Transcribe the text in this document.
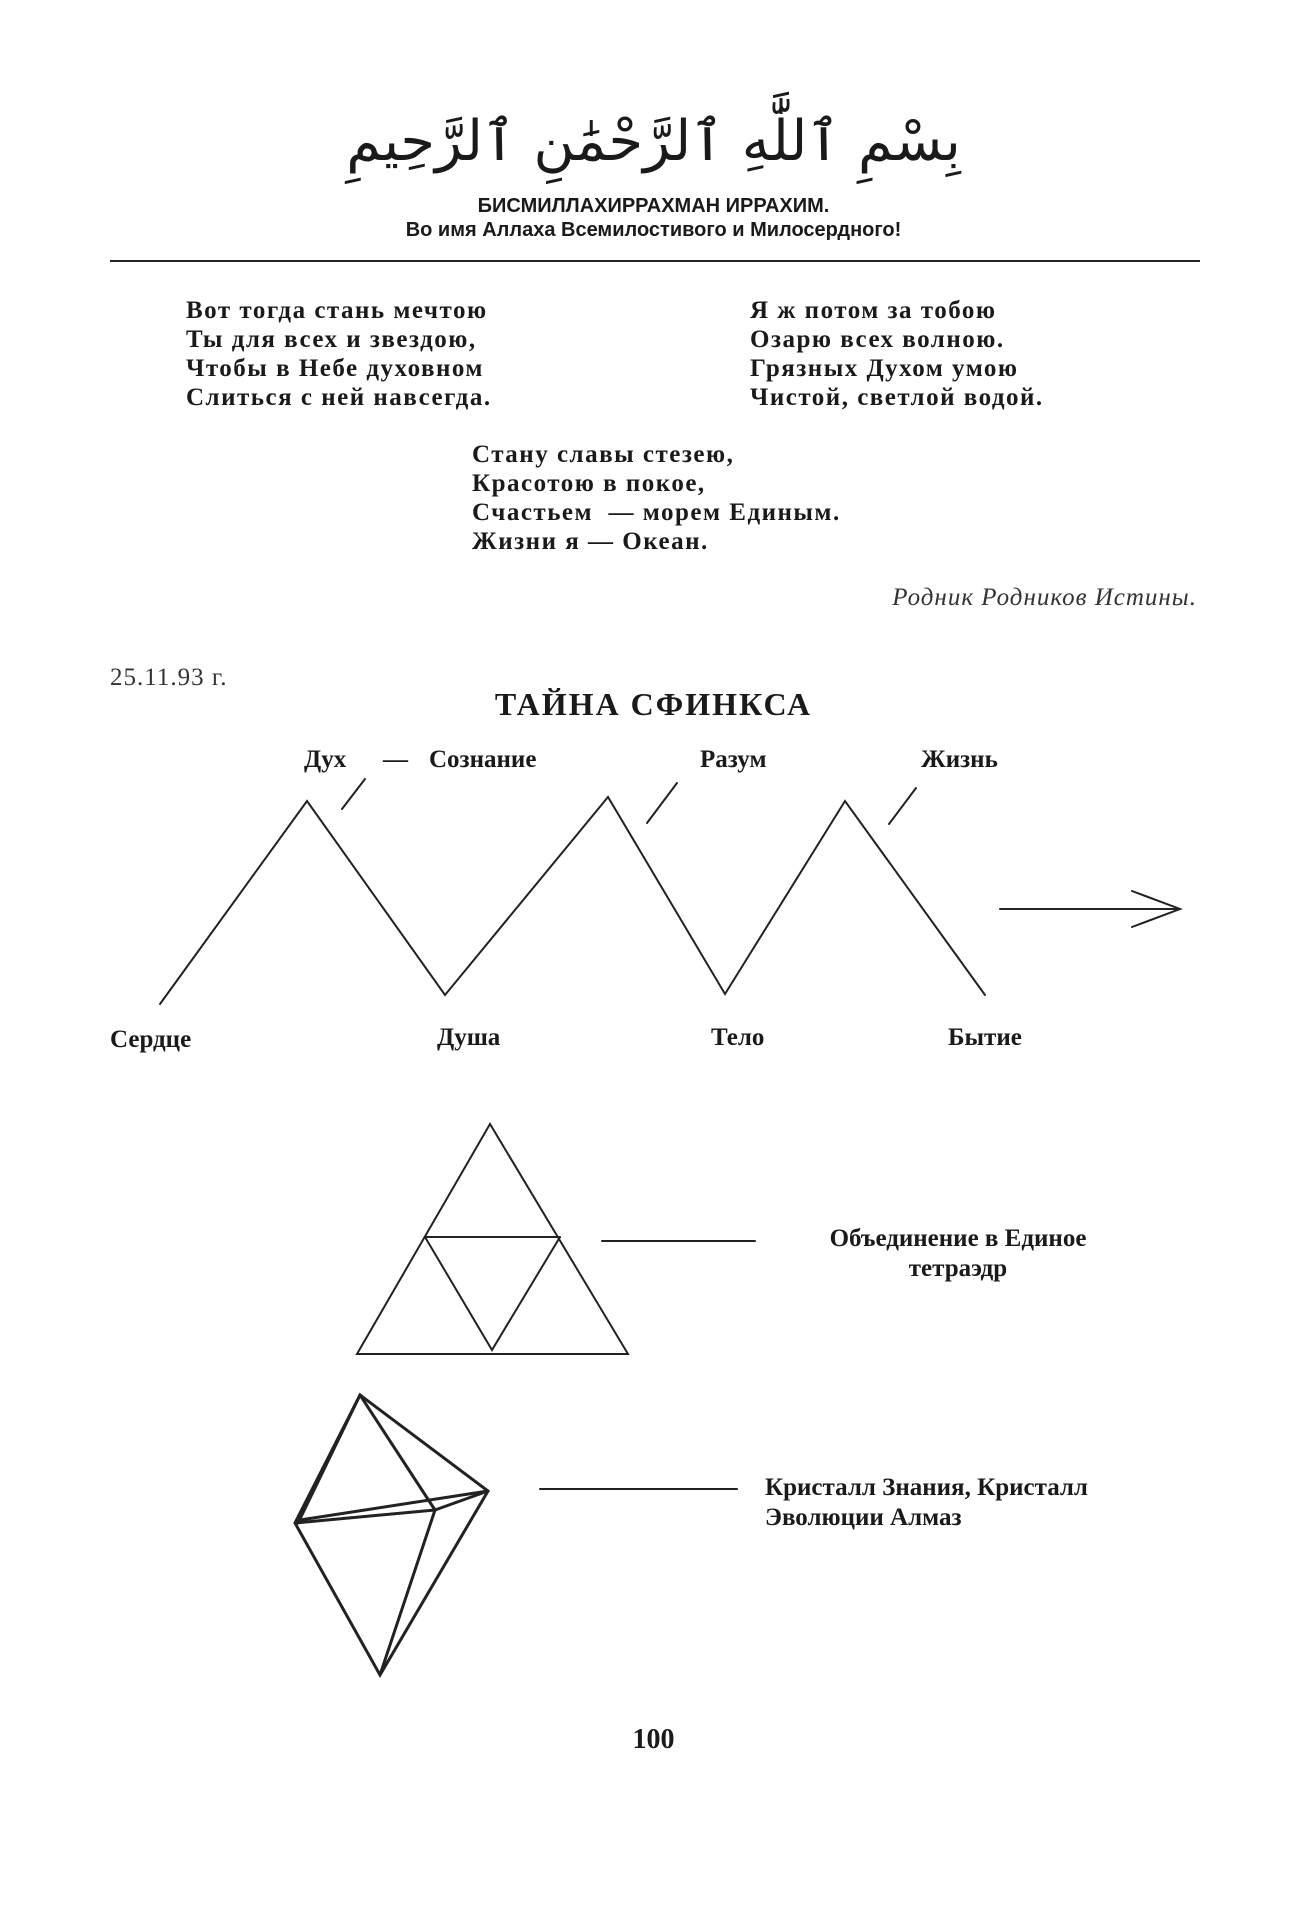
بِسْمِ ٱللَّٰهِ ٱلرَّحْمَٰنِ ٱلرَّحِيمِ
БИСМИЛЛАХИРРАХМАН ИРРАХИМ.
Во имя Аллаха Всемилостивого и Милосердного!
Вот тогда стань мечтою
Ты для всех и звездою,
Чтобы в Небе духовном
Слиться с ней навсегда.
Я ж потом за тобою
Озарю всех волною.
Грязных Духом умою
Чистой, светлой водой.
Стану славы стезею,
Красотою в покое,
Счастьем  — морем Единым.
Жизни я — Океан.
Родник Родников Истины.
25.11.93 г.
ТАЙНА СФИНКСА
Дух — Сознание	Разум	Жизнь
Сердце	Душа	Тело	Бытие
Объединение в Единое
тетраэдр
Кристалл Знания, Кристалл
Эволюции Алмаз
100
